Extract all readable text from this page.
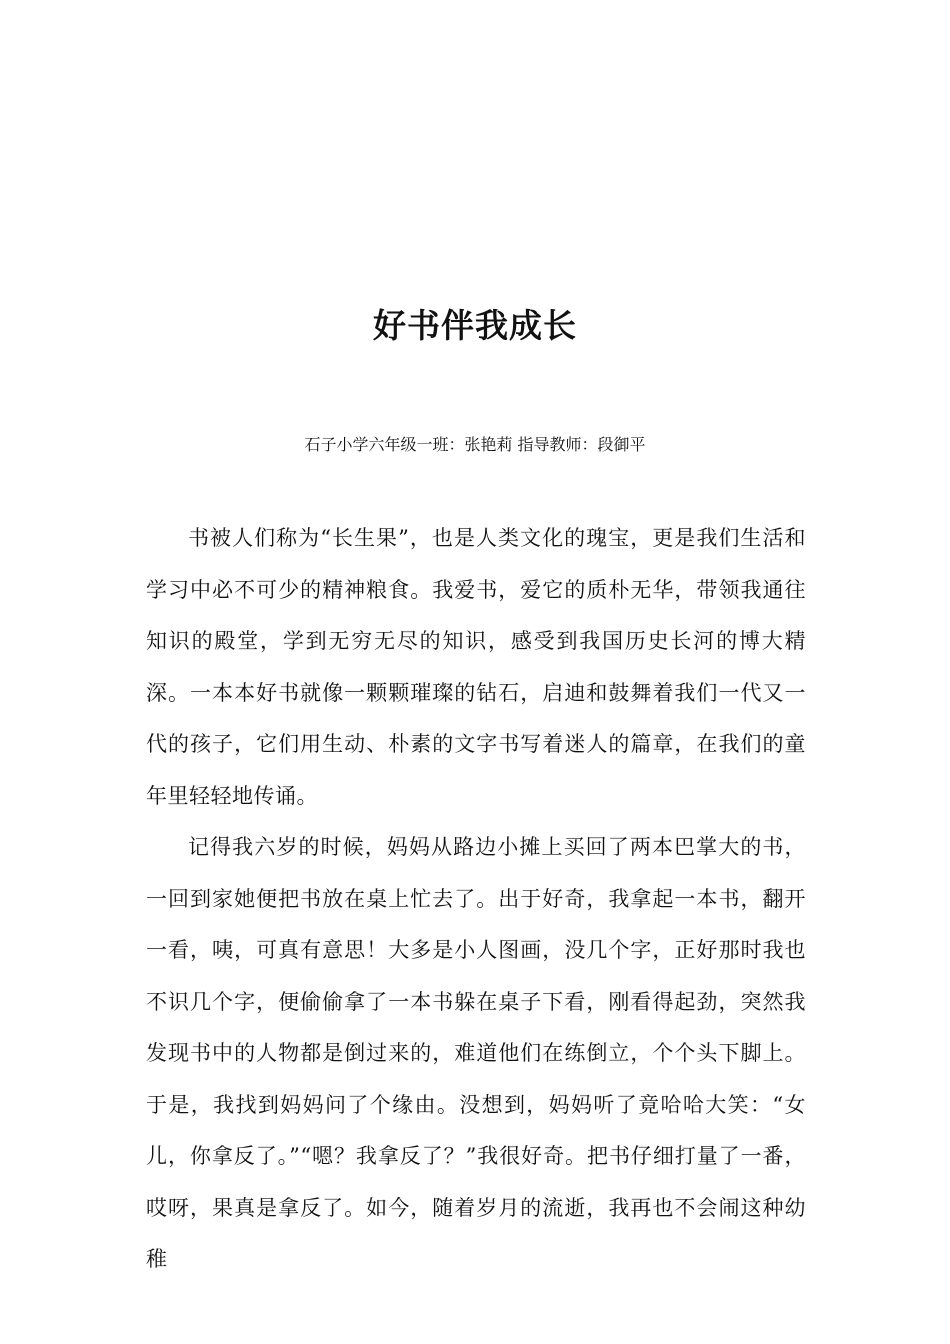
好书伴我成长
石子小学六年级一班：张艳莉 指导教师：段御平

书被人们称为“长生果”，也是人类文化的瑰宝，更是我们生活和学习中必不可少的精神粮食。我爱书，爱它的质朴无华，带领我通往知识的殿堂，学到无穷无尽的知识，感受到我国历史长河的博大精深。一本本好书就像一颗颗璀璨的钻石，启迪和鼓舞着我们一代又一代的孩子，它们用生动、朴素的文字书写着迷人的篇章，在我们的童年里轻轻地传诵。

记得我六岁的时候，妈妈从路边小摊上买回了两本巴掌大的书，一回到家她便把书放在桌上忙去了。出于好奇，我拿起一本书，翻开一看，咦，可真有意思！大多是小人图画，没几个字，正好那时我也不识几个字，便偷偷拿了一本书躲在桌子下看，刚看得起劲，突然我发现书中的人物都是倒过来的，难道他们在练倒立，个个头下脚上。于是，我找到妈妈问了个缘由。没想到，妈妈听了竟哈哈大笑：“女儿，你拿反了。”“嗯？我拿反了？”我很好奇。把书仔细打量了一番，哎呀，果真是拿反了。如今，随着岁月的流逝，我再也不会闹这种幼稚
